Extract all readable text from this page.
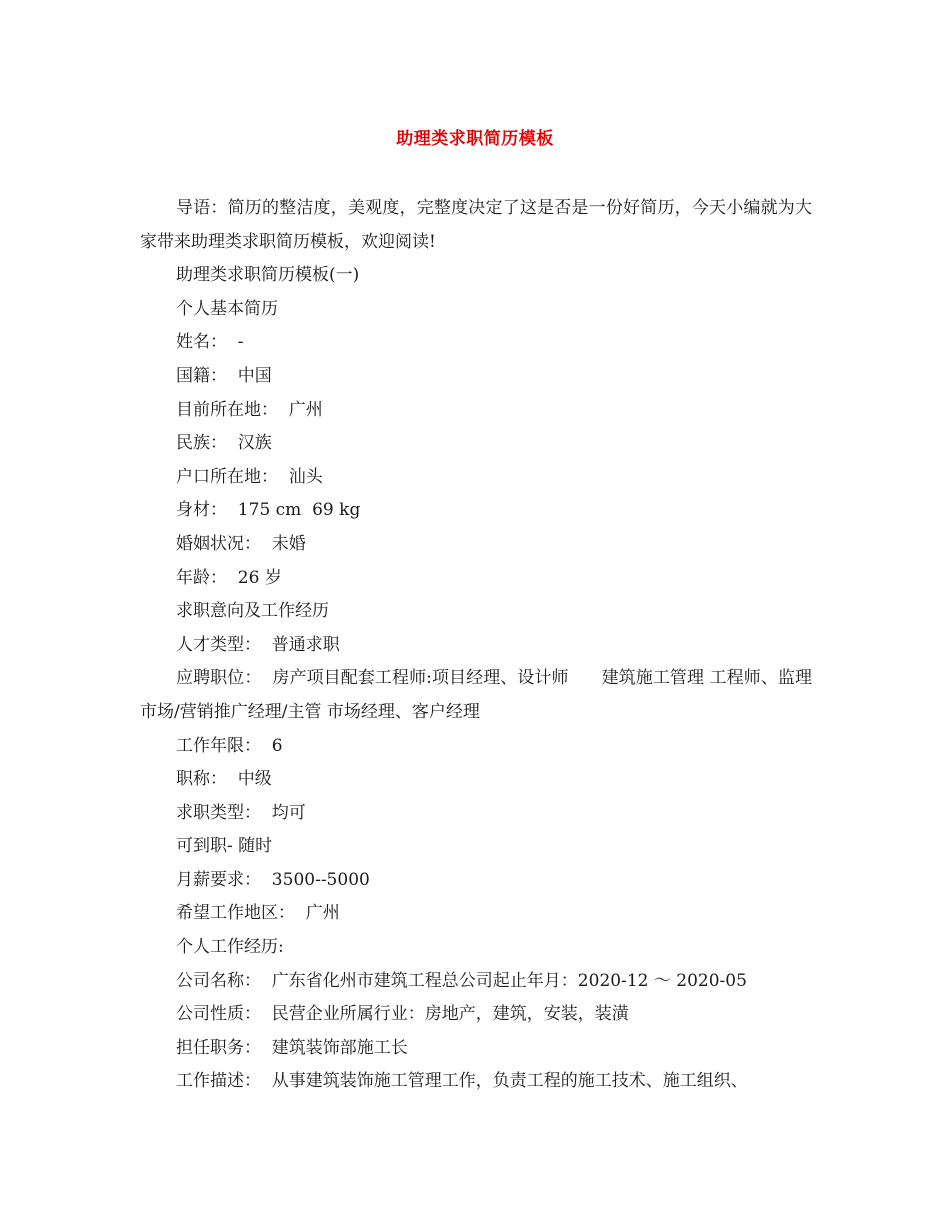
助理类求职简历模板

导语：简历的整洁度，美观度，完整度决定了这是否是一份好简历，今天小编就为大家带来助理类求职简历模板，欢迎阅读!

助理类求职简历模板(一)

个人基本简历

姓名：  -

国籍：  中国

目前所在地：  广州

民族：  汉族

户口所在地：  汕头

身材：  175 cm  69 kg

婚姻状况：  未婚

年龄：  26 岁

求职意向及工作经历

人才类型：  普通求职

应聘职位：  房产项目配套工程师:项目经理、设计师      建筑施工管理 工程师、监理      市场/营销推广经理/主管 市场经理、客户经理

工作年限：  6

职称：  中级

求职类型：  均可

可到职- 随时

月薪要求：  3500--5000

希望工作地区：  广州

个人工作经历:

公司名称：  广东省化州市建筑工程总公司起止年月：2020-12 ～ 2020-05

公司性质：  民营企业所属行业：房地产，建筑，安装，装潢

担任职务：  建筑装饰部施工长

工作描述：  从事建筑装饰施工管理工作，负责工程的施工技术、施工组织、
